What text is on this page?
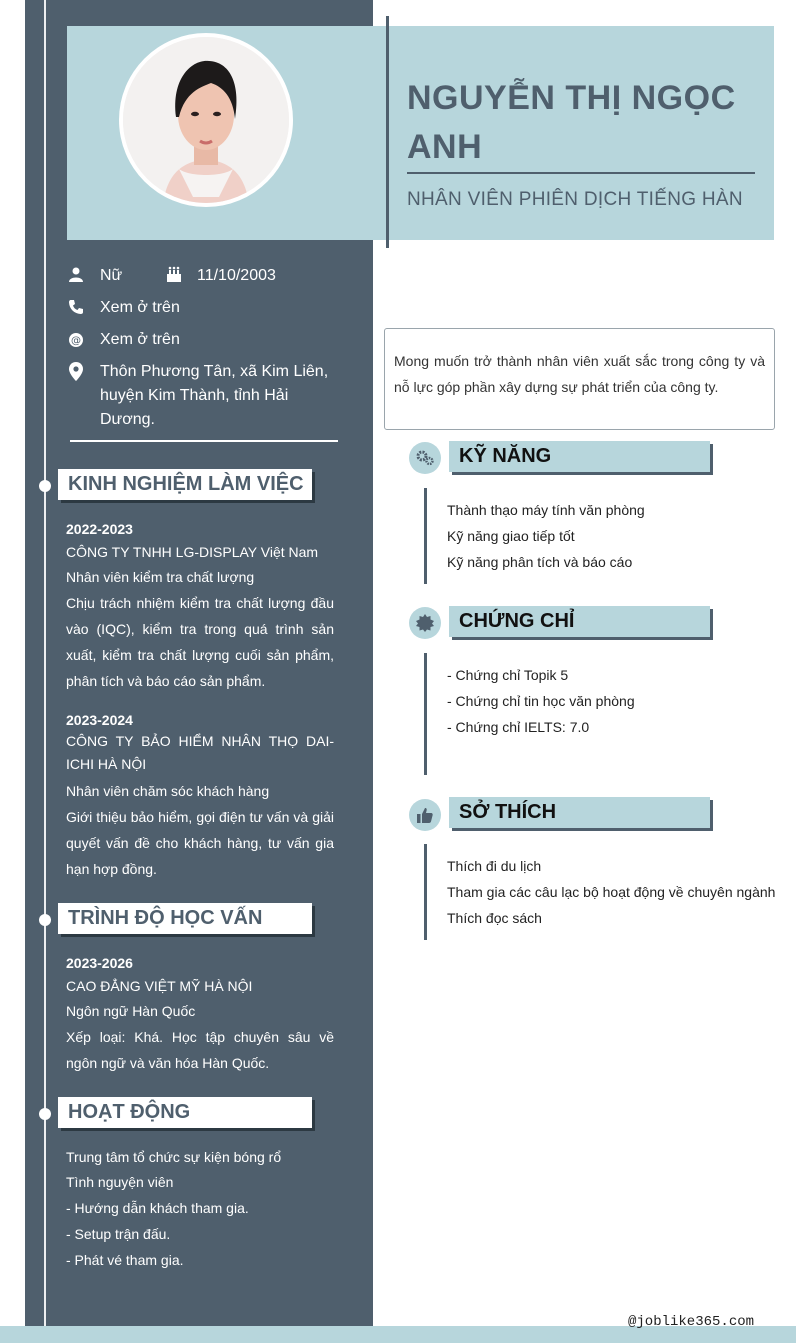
NGUYỄN THỊ NGỌC ANH
NHÂN VIÊN PHIÊN DỊCH TIẾNG HÀN
Nữ	11/10/2003
Xem ở trên
@ Xem ở trên
Thôn Phương Tân, xã Kim Liên, huyện Kim Thành, tỉnh Hải Dương.
KINH NGHIỆM LÀM VIỆC
2022-2023
CÔNG TY TNHH LG-DISPLAY Việt Nam
Nhân viên kiểm tra chất lượng
Chịu trách nhiệm kiểm tra chất lượng đầu vào (IQC), kiểm tra trong quá trình sản xuất, kiểm tra chất lượng cuối sản phẩm, phân tích và báo cáo sản phẩm.
2023-2024
CÔNG TY BẢO HIỂM NHÂN THỌ DAI-ICHI HÀ NỘI
Nhân viên chăm sóc khách hàng
Giới thiệu bảo hiểm, gọi điện tư vấn và giải quyết vấn đề cho khách hàng, tư vấn gia hạn hợp đồng.
TRÌNH ĐỘ HỌC VẤN
2023-2026
CAO ĐẲNG VIỆT MỸ HÀ NỘI
Ngôn ngữ Hàn Quốc
Xếp loại: Khá. Học tập chuyên sâu về ngôn ngữ và văn hóa Hàn Quốc.
HOẠT ĐỘNG
Trung tâm tổ chức sự kiện bóng rổ
Tình nguyện viên
- Hướng dẫn khách tham gia.
- Setup trận đấu.
- Phát vé tham gia.
Mong muốn trở thành nhân viên xuất sắc trong công ty và nỗ lực góp phần xây dựng sự phát triển của công ty.
KỸ NĂNG
Thành thạo máy tính văn phòng
Kỹ năng giao tiếp tốt
Kỹ năng phân tích và báo cáo
CHỨNG CHỈ
- Chứng chỉ Topik 5
- Chứng chỉ tin học văn phòng
- Chứng chỉ IELTS: 7.0
SỞ THÍCH
Thích đi du lịch
Tham gia các câu lạc bộ hoạt động về chuyên ngành
Thích đọc sách
@joblike365.com
